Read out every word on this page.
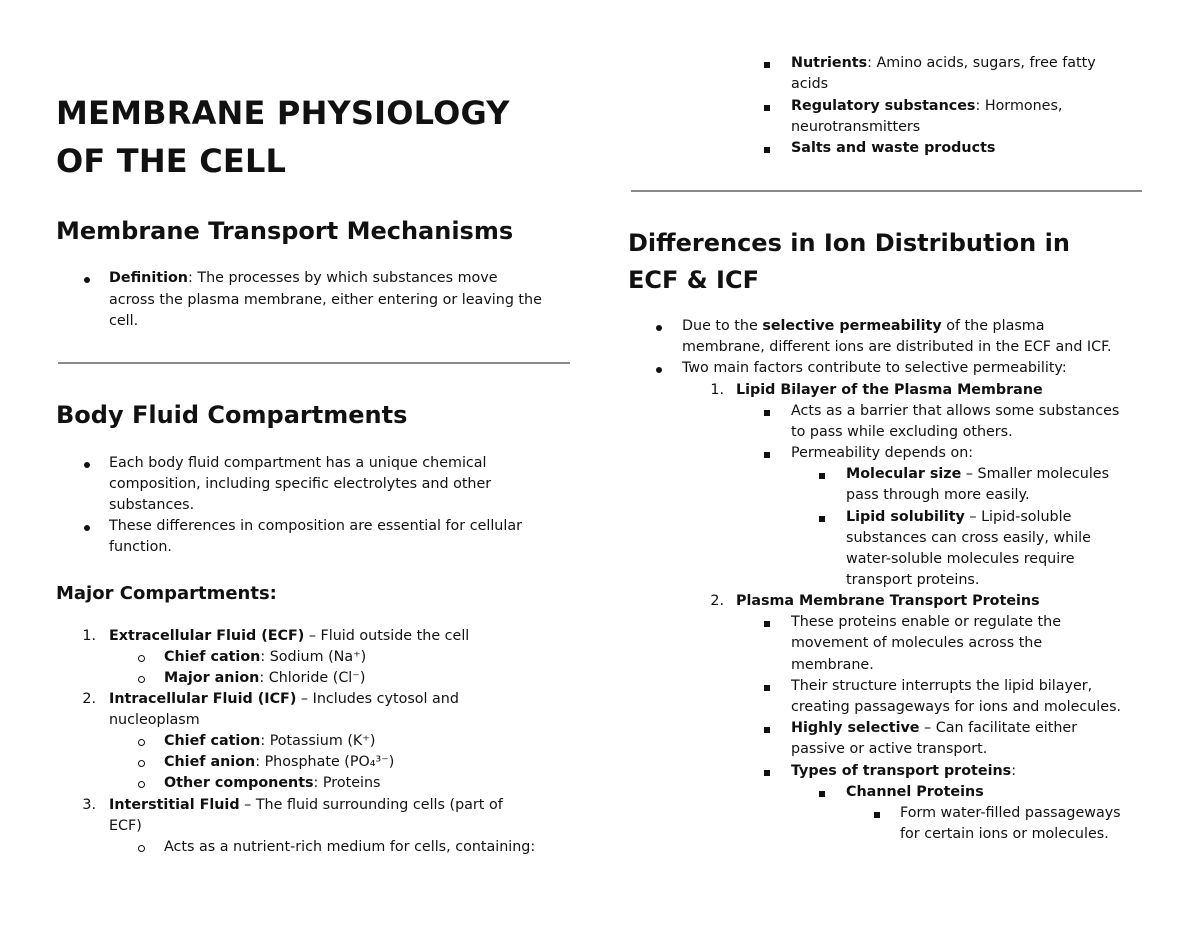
MEMBRANE PHYSIOLOGY
OF THE CELL
Membrane Transport Mechanisms
Definition: The processes by which substances move
across the plasma membrane, either entering or leaving the
cell.
Body Fluid Compartments
Each body fluid compartment has a unique chemical
composition, including specific electrolytes and other
substances.
These differences in composition are essential for cellular
function.
Major Compartments:
1. Extracellular Fluid (ECF) – Fluid outside the cell
Chief cation: Sodium (Na⁺)
Major anion: Chloride (Cl⁻)
2. Intracellular Fluid (ICF) – Includes cytosol and
nucleoplasm
Chief cation: Potassium (K⁺)
Chief anion: Phosphate (PO₄³⁻)
Other components: Proteins
3. Interstitial Fluid – The fluid surrounding cells (part of
ECF)
Acts as a nutrient-rich medium for cells, containing:
Nutrients: Amino acids, sugars, free fatty
acids
Regulatory substances: Hormones,
neurotransmitters
Salts and waste products
Differences in Ion Distribution in
ECF & ICF
Due to the selective permeability of the plasma
membrane, different ions are distributed in the ECF and ICF.
Two main factors contribute to selective permeability:
1. Lipid Bilayer of the Plasma Membrane
Acts as a barrier that allows some substances
to pass while excluding others.
Permeability depends on:
Molecular size – Smaller molecules
pass through more easily.
Lipid solubility – Lipid-soluble
substances can cross easily, while
water-soluble molecules require
transport proteins.
2. Plasma Membrane Transport Proteins
These proteins enable or regulate the
movement of molecules across the
membrane.
Their structure interrupts the lipid bilayer,
creating passageways for ions and molecules.
Highly selective – Can facilitate either
passive or active transport.
Types of transport proteins:
Channel Proteins
Form water-filled passageways
for certain ions or molecules.
